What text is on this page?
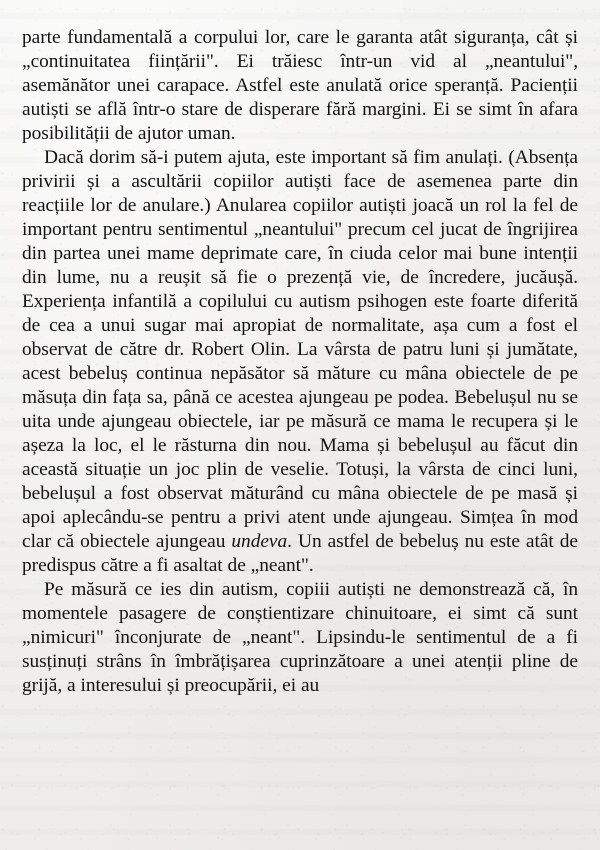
parte fundamentală a corpului lor, care le garanta atât siguranța, cât și „continuitatea ființării". Ei trăiesc într-un vid al „neantului", asemănător unei carapace. Astfel este anulată orice speranță. Pacienții autiști se află într-o stare de disperare fără margini. Ei se simt în afara posibilității de ajutor uman.

Dacă dorim să-i putem ajuta, este important să fim anulați. (Absența privirii și a ascultării copiilor autiști face de asemenea parte din reacțiile lor de anulare.) Anularea copiilor autiști joacă un rol la fel de important pentru sentimentul „neantului" precum cel jucat de îngrijirea din partea unei mame deprimate care, în ciuda celor mai bune intenții din lume, nu a reușit să fie o prezență vie, de încredere, jucăușă. Experiența infantilă a copilului cu autism psihogen este foarte diferită de cea a unui sugar mai apropiat de normalitate, așa cum a fost el observat de către dr. Robert Olin. La vârsta de patru luni și jumătate, acest bebeluș continua nepăsător să măture cu mâna obiectele de pe măsuța din fața sa, până ce acestea ajungeau pe podea. Bebelușul nu se uita unde ajungeau obiectele, iar pe măsură ce mama le recupera și le așeza la loc, el le răsturna din nou. Mama și bebelușul au făcut din această situație un joc plin de veselie. Totuși, la vârsta de cinci luni, bebelușul a fost observat măturând cu mâna obiectele de pe masă și apoi aplecându-se pentru a privi atent unde ajungeau. Simțea în mod clar că obiectele ajungeau undeva. Un astfel de bebeluș nu este atât de predispus către a fi asaltat de „neant".

Pe măsură ce ies din autism, copiii autiști ne demonstrează că, în momentele pasagere de conștientizare chinuitoare, ei simt că sunt „nimicuri" înconjurate de „neant". Lipsindu-le sentimentul de a fi susținuți strâns în îmbrățișarea cuprinzătoare a unei atenții pline de grijă, a interesului și preocupării, ei au
